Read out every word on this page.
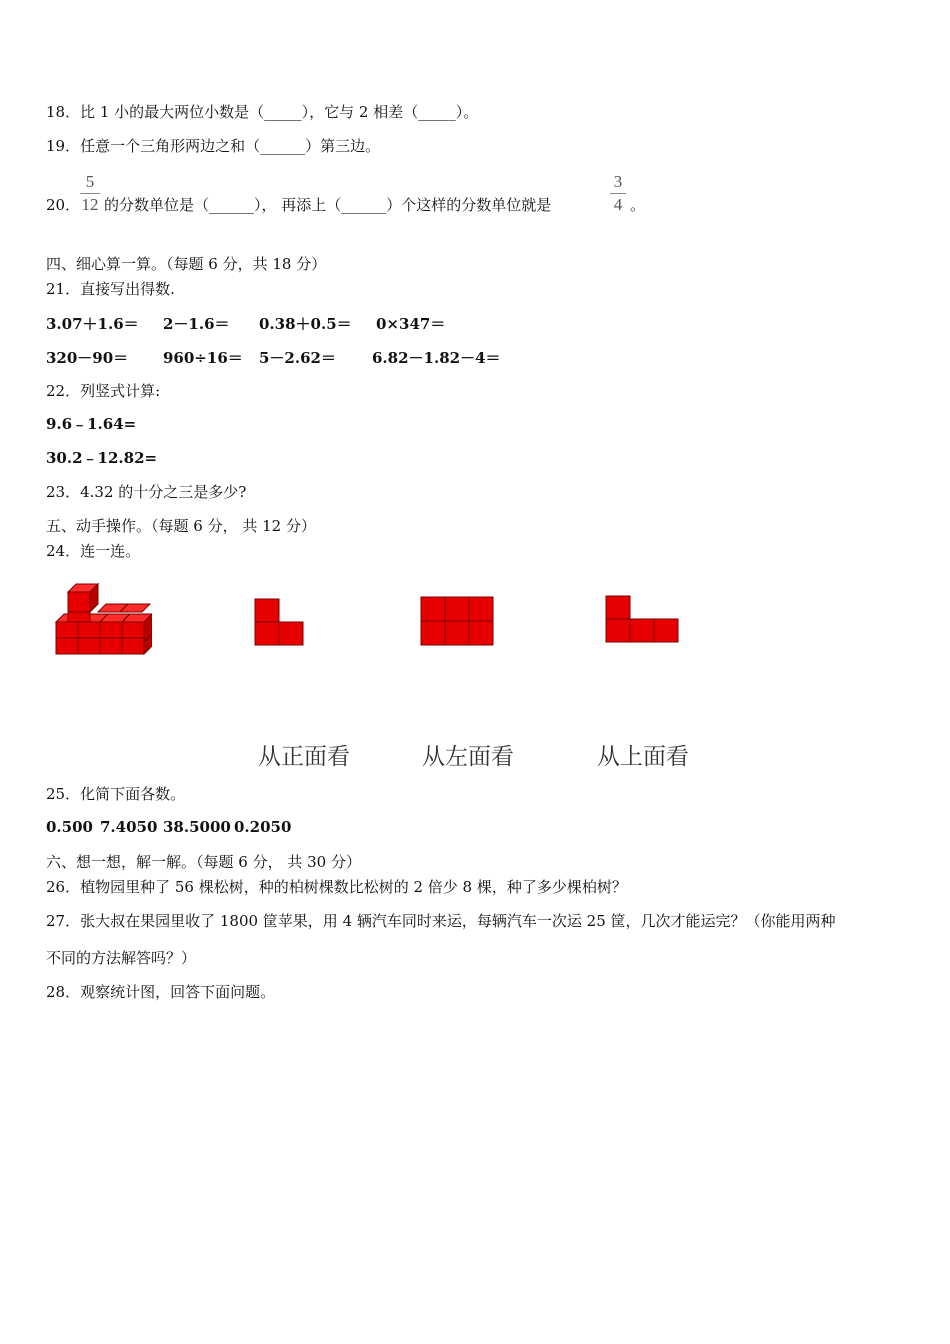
18．比 1 小的最大两位小数是（_____），它与 2 相差（_____）。
19．任意一个三角形两边之和（______）第三边。
20．
5
12 的分数单位是（______）， 再添上（______）个这样的分数单位就是
3
4 。
四、细心算一算。（每题 6 分，共 18 分）
21．直接写出得数.
3.07＋1.6＝ 2－1.6＝ 0.38＋0.5＝ 0×347＝
320－90＝ 960÷16＝ 5－2.62＝ 6.82－1.82－4＝
22．列竖式计算:
9.6﹣1.64=
30.2﹣12.82=
23．4.32 的十分之三是多少?
五、动手操作。（每题 6 分， 共 12 分）
24．连一连。
从正面看	从左面看	从上面看
25．化简下面各数。
0.500 7.4050 38.5000 0.2050
六、想一想，解一解。（每题 6 分， 共 30 分）
26．植物园里种了 56 棵松树，种的柏树棵数比松树的 2 倍少 8 棵，种了多少棵柏树？
27．张大叔在果园里收了 1800 筐苹果，用 4 辆汽车同时来运，每辆汽车一次运 25 筐，几次才能运完？（你能用两种
不同的方法解答吗？）
28．观察统计图，回答下面问题。
